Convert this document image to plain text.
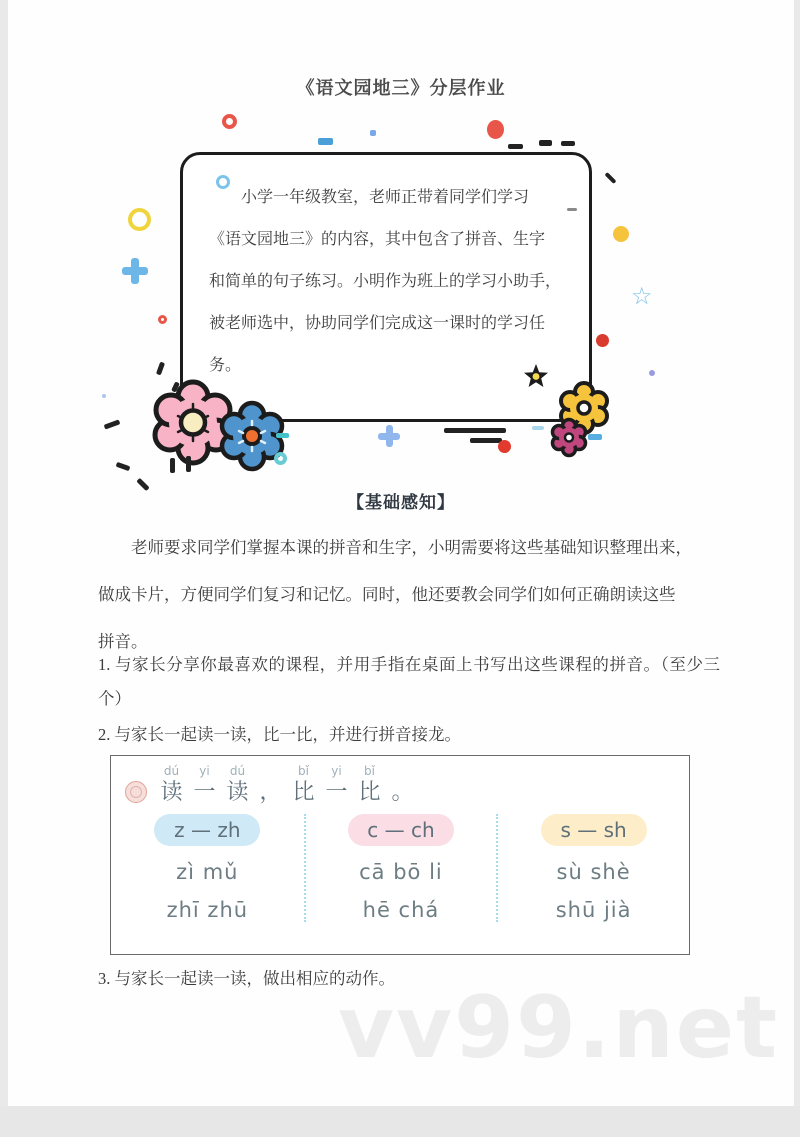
《语文园地三》分层作业
☆
小学一年级教室，老师正带着同学们学习
《语文园地三》的内容，其中包含了拼音、生字
和简单的句子练习。小明作为班上的学习小助手，
被老师选中，协助同学们完成这一课时的学习任
务。
【基础感知】
老师要求同学们掌握本课的拼音和生字，小明需要将这些基础知识整理出来，
做成卡片，方便同学们复习和记忆。同时，他还要教会同学们如何正确朗读这些
拼音。
1. 与家长分享你最喜欢的课程，并用手指在桌面上书写出这些课程的拼音。（至少三个）
2. 与家长一起读一读，比一比，并进行拼音接龙。
dú
读
yi
一
dú
读 ，
bǐ
比
yi
一
bǐ
比 。
z — zh
zì mǔ
zhī zhū
c — ch
cā bō li
hē chá
s — sh
sù shè
shū jià
3. 与家长一起读一读，做出相应的动作。
vv99.net
